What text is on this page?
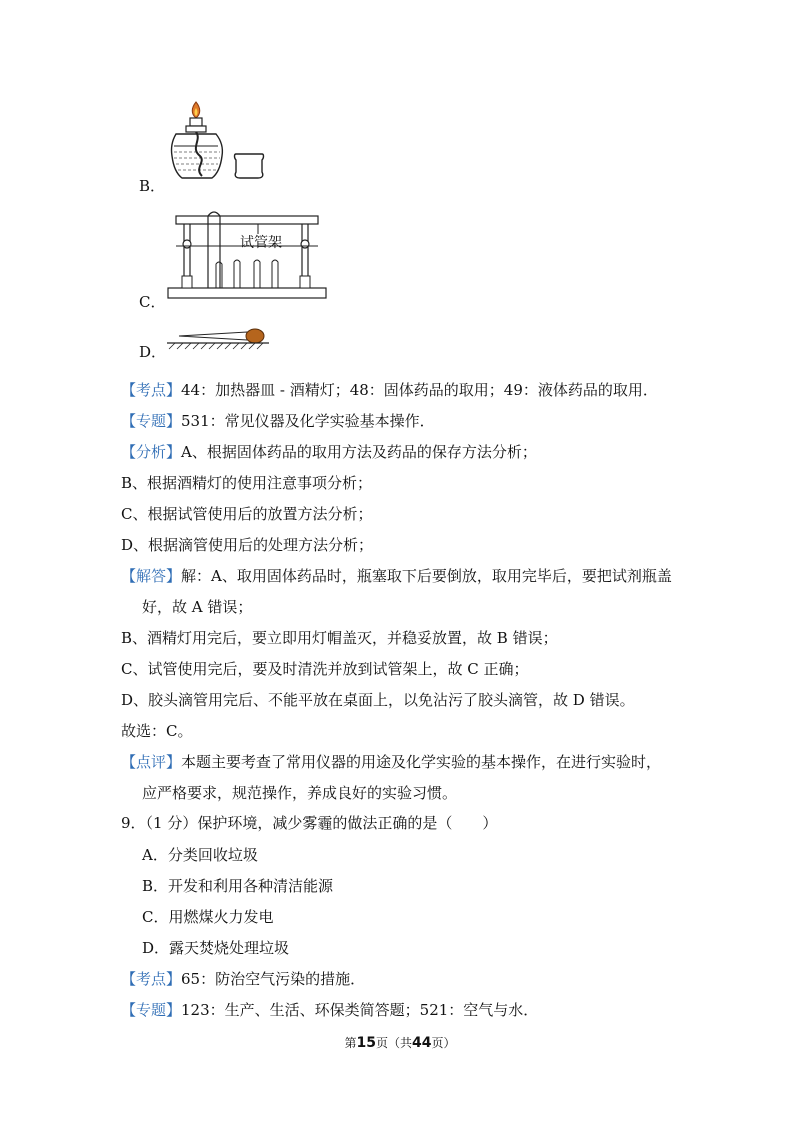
B．
C．
试管架
D．
【考点】44：加热器皿 - 酒精灯；48：固体药品的取用；49：液体药品的取用．
【专题】531：常见仪器及化学实验基本操作．
【分析】A、根据固体药品的取用方法及药品的保存方法分析；
B、根据酒精灯的使用注意事项分析；
C、根据试管使用后的放置方法分析；
D、根据滴管使用后的处理方法分析；
【解答】解：A、取用固体药品时，瓶塞取下后要倒放，取用完毕后，要把试剂瓶盖
好，故 A 错误；
B、酒精灯用完后，要立即用灯帽盖灭，并稳妥放置，故 B 错误；
C、试管使用完后，要及时清洗并放到试管架上，故 C 正确；
D、胶头滴管用完后、不能平放在桌面上，以免沾污了胶头滴管，故 D 错误。
故选：C。
【点评】本题主要考查了常用仪器的用途及化学实验的基本操作，在进行实验时，
应严格要求，规范操作，养成良好的实验习惯。
9．（1 分）保护环境，减少雾霾的做法正确的是（　　）
A．分类回收垃圾
B．开发和利用各种清洁能源
C．用燃煤火力发电
D．露天焚烧处理垃圾
【考点】65：防治空气污染的措施．
【专题】123：生产、生活、环保类简答题；521：空气与水．
第15页（共44页）
